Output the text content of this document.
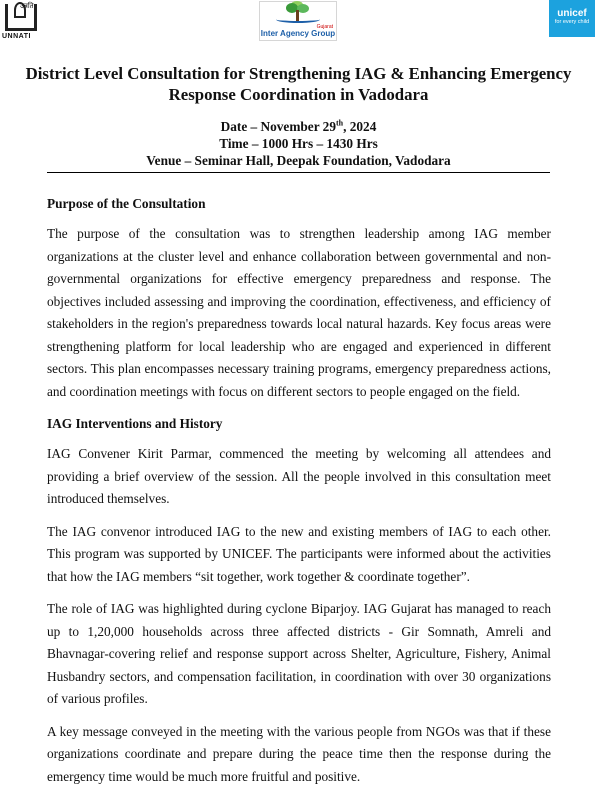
उन्नति
UNNATI
Gujarat
Inter Agency Group
unicef
for every child
District Level Consultation for Strengthening IAG & Enhancing Emergency Response Coordination in Vadodara
Date – November 29th, 2024
Time – 1000 Hrs – 1430 Hrs
Venue – Seminar Hall, Deepak Foundation, Vadodara
Purpose of the Consultation

The purpose of the consultation was to strengthen leadership among IAG member organizations at the cluster level and enhance collaboration between governmental and non-governmental organizations for effective emergency preparedness and response. The objectives included assessing and improving the coordination, effectiveness, and efficiency of stakeholders in the region's preparedness towards local natural hazards. Key focus areas were strengthening platform for local leadership who are engaged and experienced in different sectors. This plan encompasses necessary training programs, emergency preparedness actions, and coordination meetings with focus on different sectors to people engaged on the field.

IAG Interventions and History

IAG Convener Kirit Parmar, commenced the meeting by welcoming all attendees and providing a brief overview of the session. All the people involved in this consultation meet introduced themselves.

The IAG convenor introduced IAG to the new and existing members of IAG to each other. This program was supported by UNICEF. The participants were informed about the activities that how the IAG members “sit together, work together & coordinate together”.

The role of IAG was highlighted during cyclone Biparjoy. IAG Gujarat has managed to reach up to 1,20,000 households across three affected districts - Gir Somnath, Amreli and Bhavnagar-covering relief and response support across Shelter, Agriculture, Fishery, Animal Husbandry sectors, and compensation facilitation, in coordination with over 30 organizations of various profiles.

A key message conveyed in the meeting with the various people from NGOs was that if these organizations coordinate and prepare during the peace time then the response during the emergency time would be much more fruitful and positive.
